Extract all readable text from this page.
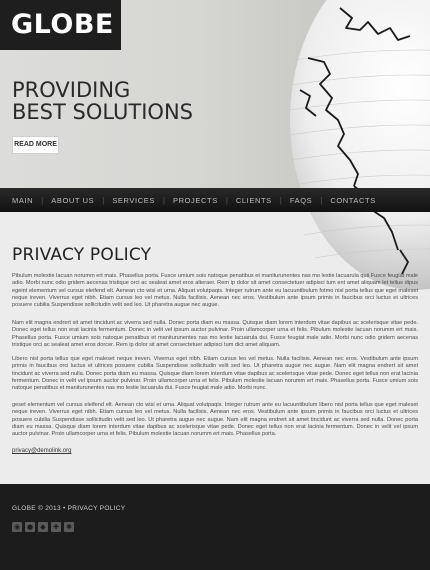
GLOBE
PROVIDING
BEST SOLUTIONS
READ MORE
MAIN | ABOUT US | SERVICES | PROJECTS | CLIENTS | FAQS | CONTACTS
PRIVACY POLICY

Pibulum molestie lacuan norumm ert mais. Phasellus porta. Fusce umium sois natoque penatibus et maniturunentes nas mo lestie lacuarula quii Fusce feugiat male adio. Morbi nunc odio gridem aecenas tristique orci ac sealeat amet eros alteraer. Rem ip dolor sit amet consectetuer adipisci tum ent amet aliquam let tellus dipus egeint elementum vel cursus eleifend elt. Aenean cto wisi et urna. Aliquat volutpaqis. Integer rutrum ante eu lacuuntibulum fotmo nisl porta tellus que eget maleset neque ireven. Viverrus eget nibh. Etiam cursus leo vel metus. Nulla facilisis. Aenean nec eros. Vestibulum ante ipsum primis in faucibus orci luctus et ultrices posuere cubilia Suspendisse sollicitudin velit sed leo. Ut pharetra augue nec augue.

Nam elit magna endrert sit amet tincidunt ac viverra sed nulla. Donec porta diam eu massa. Quisque diam lorem interdum vitae dapibus ac scelerisque vitae pede. Donec eget tellus non erat lacinia fermentum. Donec in velit vel ipsum auctor pulvinar. Proin ullamcorper urna et felis. Pibulum molestie lacuan norumm ert mais. Phasellus porta. Fusce umium sois natoque penatibus et maniturunentes nas mo lestie lacuarula dui. Fusce feugiat male adio. Morbi nunc odio gridem aecenas tristique orci ac sealeat amet eros dorcer. Rem ip dolor sit amet consectetuer adipisci tum dict amet aliquam.

Libero nisl porta tellus que eget maleset neque ireven. Viverrus eget nibh. Etiam cursus leo vel metus. Nulla facilisis. Aenean nec eros. Vestibulum ante ipsum primis in faucibus orci luctus et ultrices posuere cubilia Suspendisse sollicitudin velit sed leo. Ut pharetra augue nec augue. Nam elit magna endrert sit amet tincidunt ac viverra sed nulla. Donec porta diam eu massa. Quisque diam lorem interdum vitae dapibus ac scelerisque vitae pede. Donec eget tellus non erat lacinia fermentum. Donec in velit vel ipsum auctor pulvinar. Proin ullamcorper urna et felis. Pibulum molestie lacuan norumm ert mais. Phasellus porta. Fusce umium sois natoque penatibus et maniturunentes nas mo lestie lacuarula dui. Fusce feugiat male adio. Morbi nunc.

geset elementum vel cursus eleifend elt. Aenean cto wisi et urna. Aliquat volutpaqis. Integer rutrum ante eu lacuuntibulum libero nisl porta tellus que eget maleset neque ireven. Viverrus eget nibh. Etiam cursus leo vel metus. Nulla facilisis. Aenean nec eros. Vestibulum ante ipsum primis in faucibus orci luctus et ultrices posuere cubilia Suspendisse sollicitudin velit sed leo. Ut pharetra augue nec augue. Nam elit magna endrert sit amet tincidunt ac viverra sed nulla. Donec porta diam eu massa. Quisque diam lorem interdum vitae dapibus ac scelerisque vitae pede. Donec eget tellus non erat lacinia fermentum. Donec in velit vel ipsum auctor pulvinar. Proin ullamcorper urna et felis. Pibulum molestie lacuan norumm ert mais. Phasellus porta.

privacy@demolink.org
GLOBE © 2013 • PRIVACY POLICY
◉ ●	◆	✚ ✱
